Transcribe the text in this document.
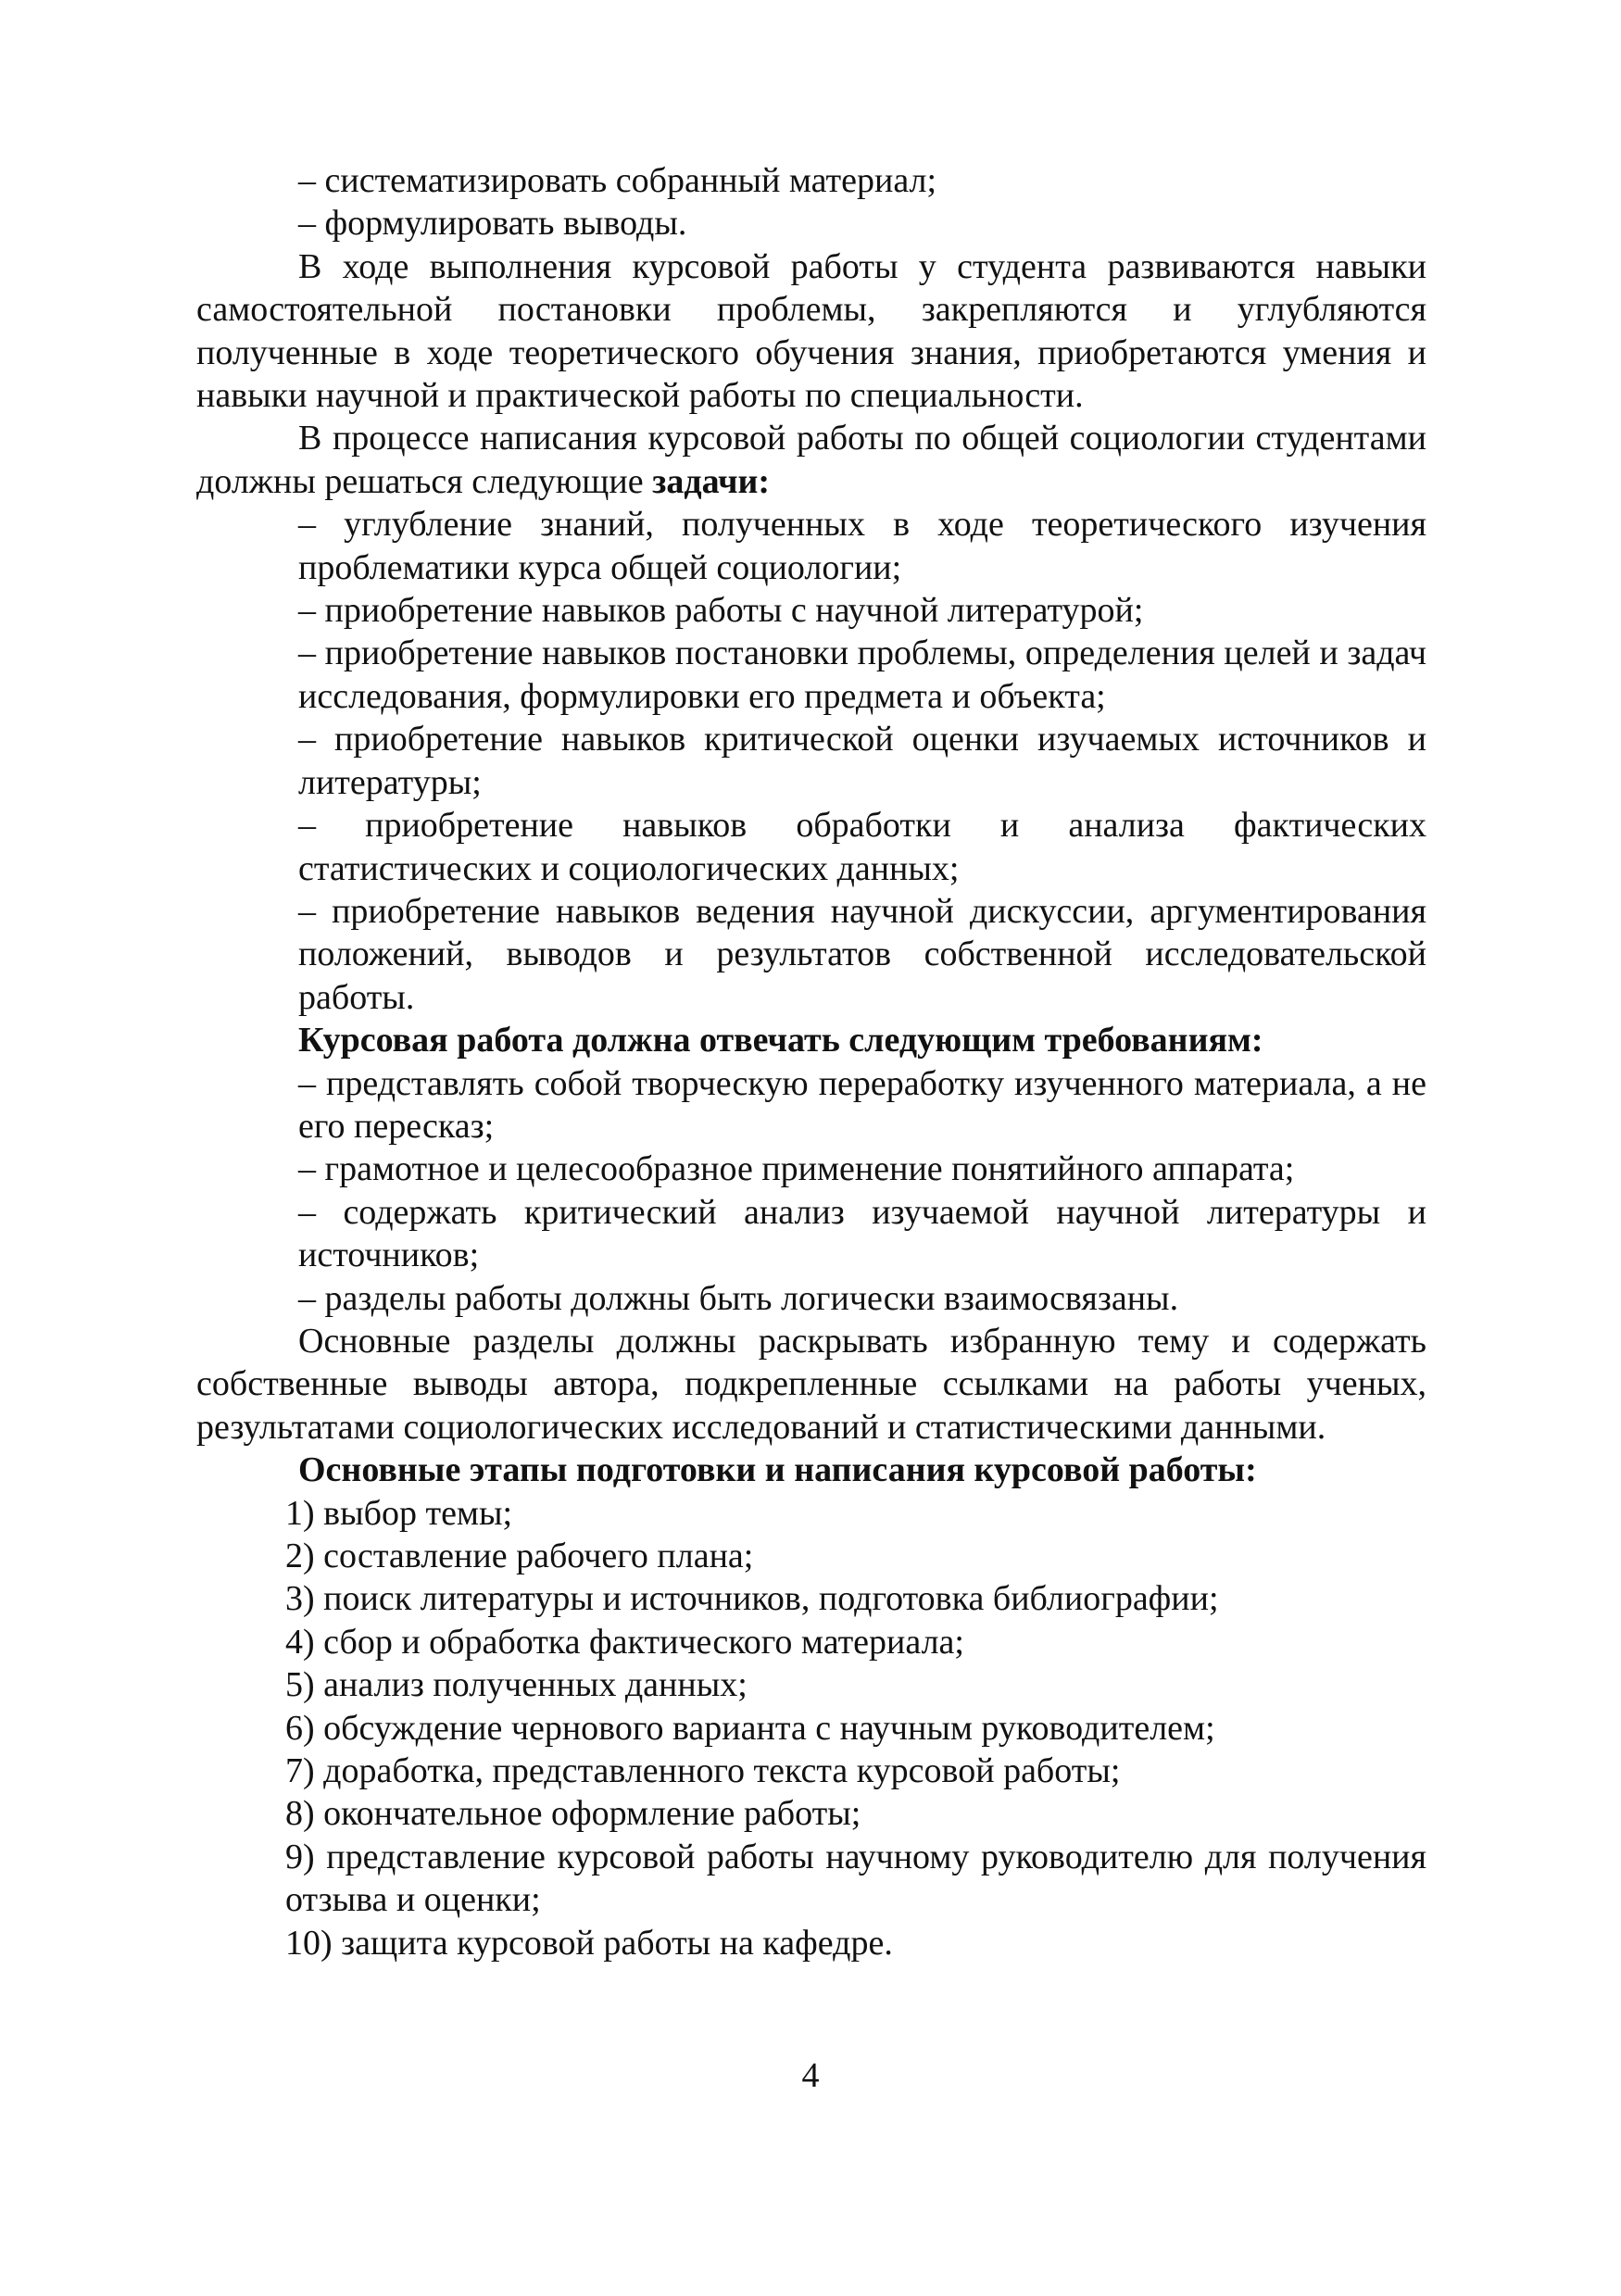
– систематизировать собранный материал;

– формулировать выводы.

В ходе выполнения курсовой работы у студента развиваются навыки самостоятельной постановки проблемы, закрепляются и углубляются полученные в ходе теоретического обучения знания, приобретаются умения и навыки научной и практической работы по специальности.

В процессе написания курсовой работы по общей социологии студентами должны решаться следующие задачи:

– углубление знаний, полученных в ходе теоретического изучения проблематики курса общей социологии;

– приобретение навыков работы с научной литературой;

– приобретение навыков постановки проблемы, определения целей и задач исследования, формулировки его предмета и объекта;

– приобретение навыков критической оценки изучаемых источников и литературы;

– приобретение навыков обработки и анализа фактических статистических и социологических данных;

– приобретение навыков ведения научной дискуссии, аргументирования положений, выводов и результатов собственной исследовательской работы.

Курсовая работа должна отвечать следующим требованиям:

– представлять собой творческую переработку изученного материала, а не его пересказ;

– грамотное и целесообразное применение понятийного аппарата;

– содержать критический анализ изучаемой научной литературы и источников;

– разделы работы должны быть логически взаимосвязаны.

Основные разделы должны раскрывать избранную тему и содержать собственные выводы автора, подкрепленные ссылками на работы ученых, результатами социологических исследований и статистическими данными.

Основные этапы подготовки и написания курсовой работы:

1) выбор темы;

2) составление рабочего плана;

3) поиск литературы и источников, подготовка библиографии;

4) сбор и обработка фактического материала;

5) анализ полученных данных;

6) обсуждение чернового варианта с научным руководителем;

7) доработка, представленного текста курсовой работы;

8) окончательное оформление работы;

9) представление курсовой работы научному руководителю для получения отзыва и оценки;

10) защита курсовой работы на кафедре.

4
